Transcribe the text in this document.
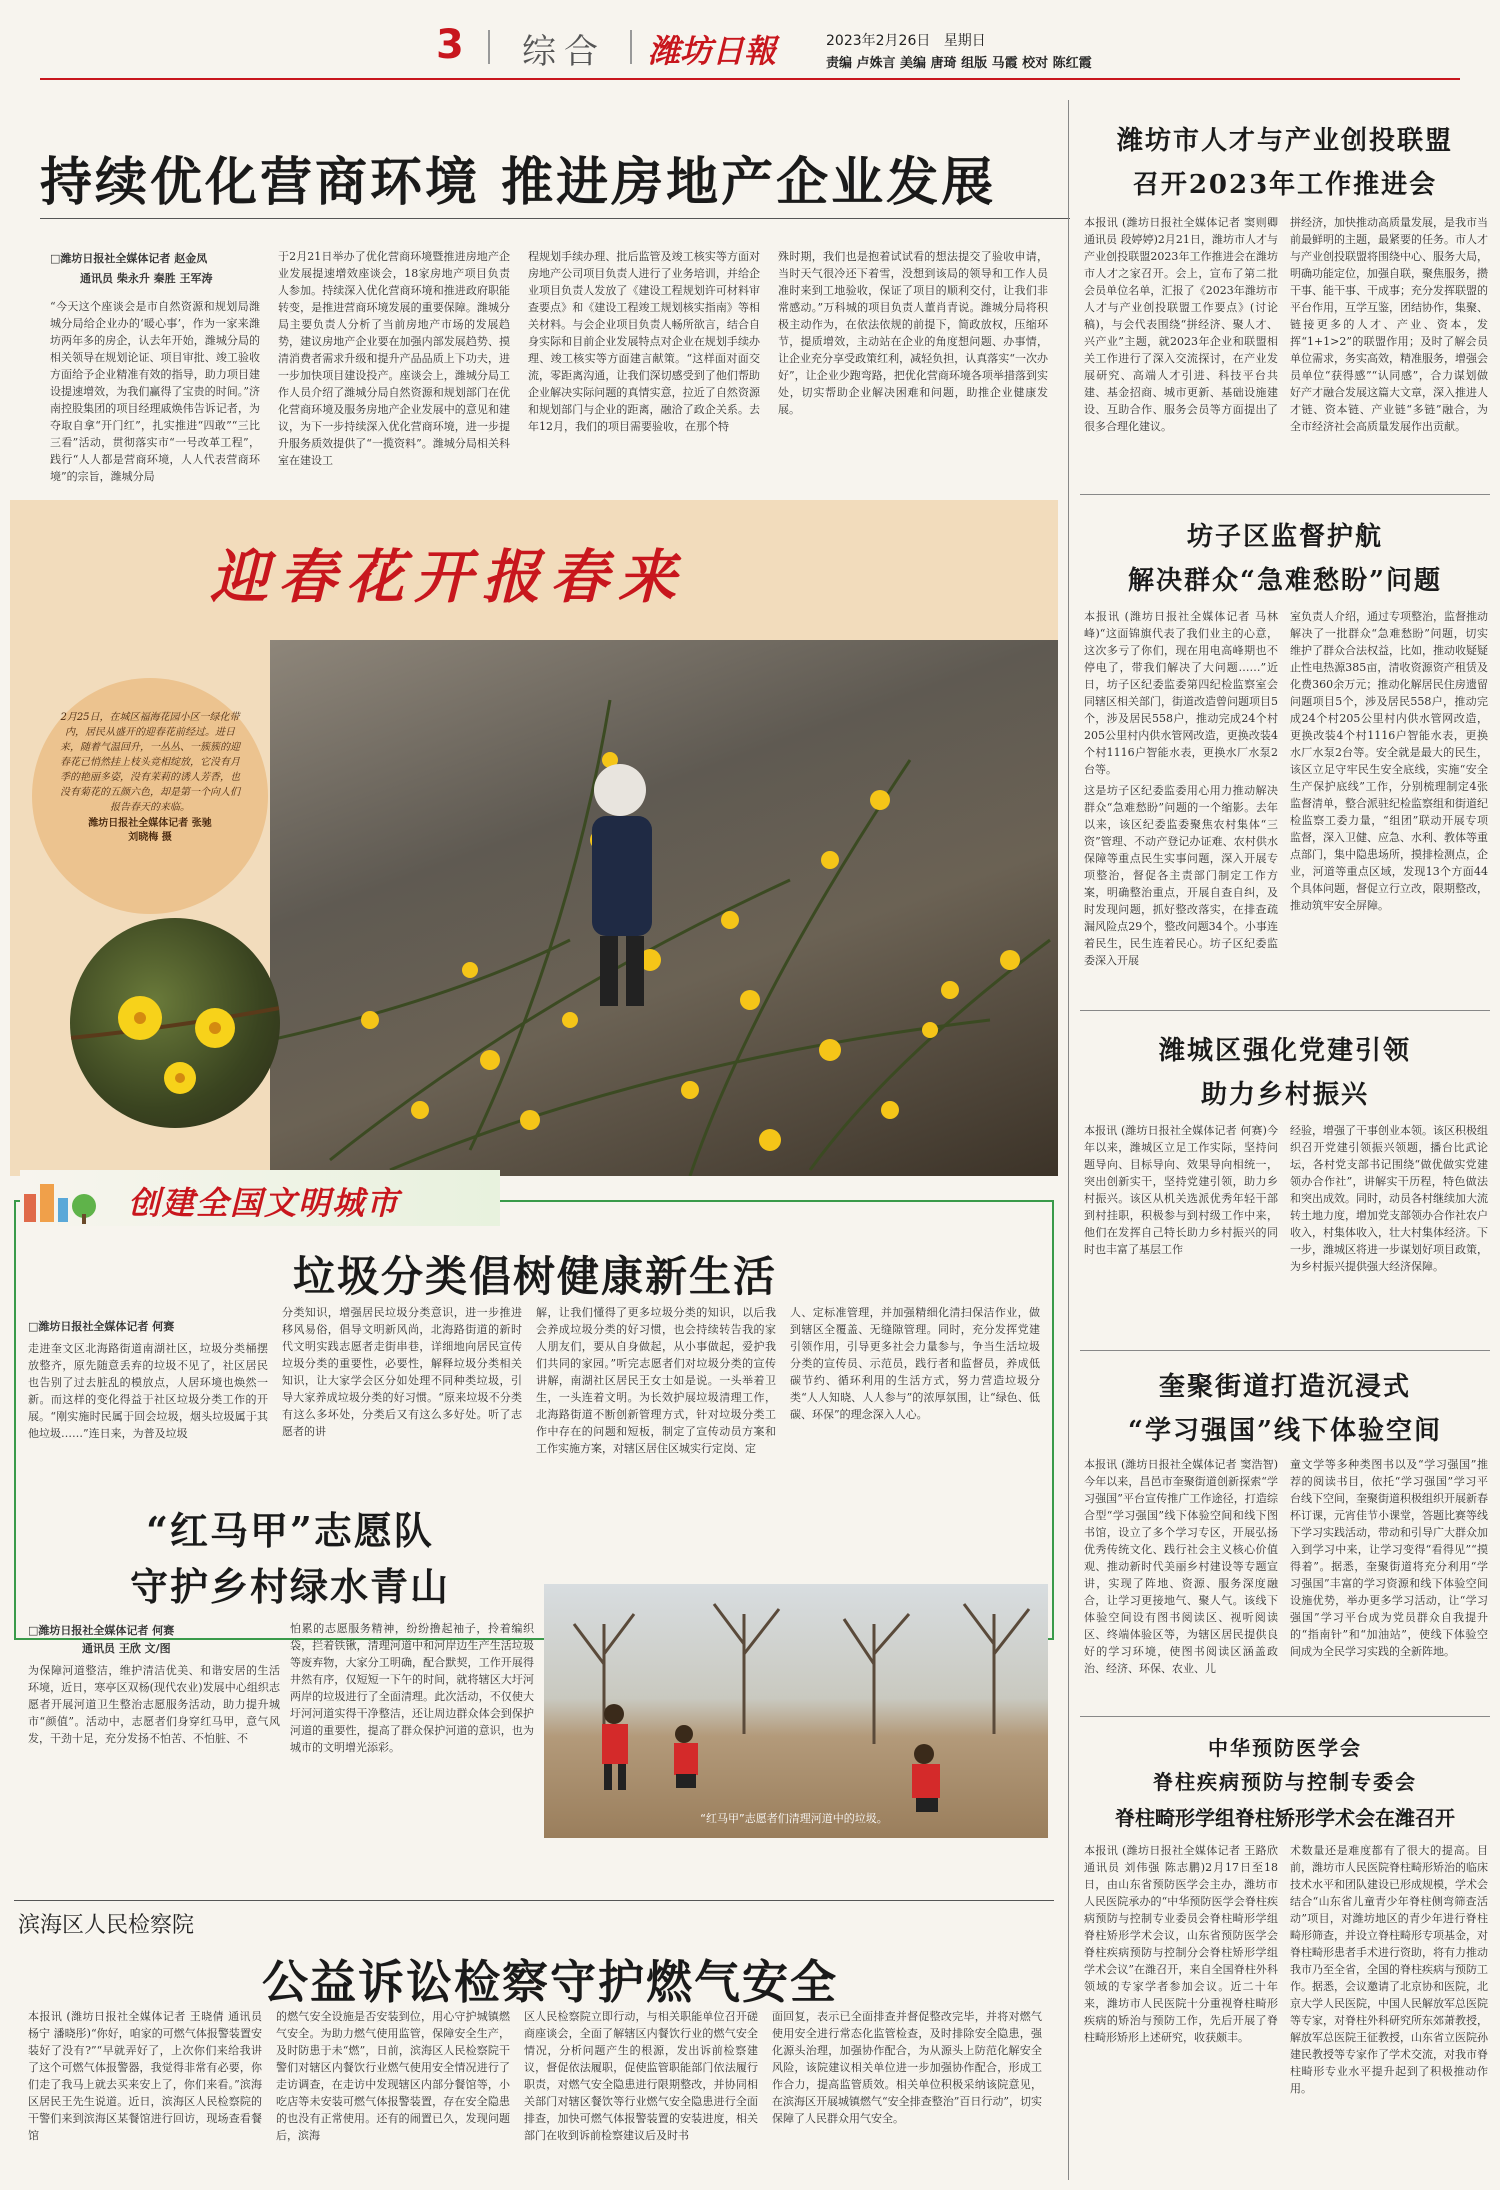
3 综合 潍坊日報	2023年2月26日 星期日
责编 卢姝言 美编 唐琦 组版 马霞 校对 陈红霞
持续优化营商环境 推进房地产企业发展
□潍坊日报社全媒体记者 赵金凤
通讯员 柴永升 秦胜 王军涛
“今天这个座谈会是市自然资源和规划局潍城分局给企业办的‘暖心事’，作为一家来潍坊两年多的房企，认去年开始，潍城分局的相关领导在规划论证、项目审批、竣工验收方面给予企业精准有效的指导，助力项目建设提速增效，为我们赢得了宝贵的时间。”济南控股集团的项目经理戚焕伟告诉记者，为夺取自拿“开门红”，扎实推进“四敢”“三比三看”活动，贯彻落实市“一号改革工程”，践行“人人都是营商环境，人人代表营商环境”的宗旨，潍城分局
于2月21日举办了优化营商环境暨推进房地产企业发展提速增效座谈会，18家房地产项目负责人参加。持续深入优化营商环境和推进政府职能转变，是推进营商环境发展的重要保障。潍城分局主要负责人分析了当前房地产市场的发展趋势，建议房地产企业要在加强内部发展趋势、摸清消费者需求升级和提升产品品质上下功夫，进一步加快项目建设投产。座谈会上，潍城分局工作人员介绍了潍城分局自然资源和规划部门在优化营商环境及服务房地产企业发展中的意见和建议，为下一步持续深入优化营商环境，进一步提升服务质效提供了“一揽资料”。潍城分局相关科室在建设工
程规划手续办理、批后监管及竣工核实等方面对房地产公司项目负责人进行了业务培训，并给企业项目负责人发放了《建设工程规划许可材料审查要点》和《建设工程竣工规划核实指南》等相关材料。与会企业项目负责人畅所欲言，结合自身实际和目前企业发展特点对企业在规划手续办理、竣工核实等方面建言献策。“这样面对面交流，零距离沟通，让我们深切感受到了他们帮助企业解决实际问题的真情实意，拉近了自然资源和规划部门与企业的距离，融洽了政企关系。去年12月，我们的项目需要验收，在那个特
殊时期，我们也是抱着试试看的想法提交了验收申请，当时天气很冷还下着雪，没想到该局的领导和工作人员准时来到工地验收，保证了项目的顺利交付，让我们非常感动。”万科城的项目负责人董肖青说。潍城分局将积极主动作为，在依法依规的前提下，简政放权，压缩环节，提质增效，主动站在企业的角度想问题、办事情，让企业充分享受政策红利，减轻负担，认真落实“一次办好”，让企业少跑弯路，把优化营商环境各项举措落到实处，切实帮助企业解决困难和问题，助推企业健康发展。
迎春花开报春来
2月25日，在城区福海花园小区一绿化带内，居民从盛开的迎春花前经过。进日来，随着气温回升，一丛丛、一簇簇的迎春花已悄然挂上枝头竞相绽放，它没有月季的艳丽多姿，没有茉莉的诱人芳香，也没有菊花的五颜六色，却是第一个向人们报告春天的来临。
潍坊日报社全媒体记者 张驰
刘晓梅 摄
创建全国文明城市
垃圾分类倡树健康新生活
□潍坊日报社全媒体记者 何赛
走进奎文区北海路街道南湖社区，垃圾分类桶摆放整齐，原先随意丢弃的垃圾不见了，社区居民也告别了过去脏乱的模放点，人居环境也焕然一新。而这样的变化得益于社区垃圾分类工作的开展。“刚实施时民属于回会垃圾，烟头垃圾属于其他垃圾……”连日来，为普及垃圾
分类知识，增强居民垃圾分类意识，进一步推进移风易俗，倡导文明新风尚，北海路街道的新时代文明实践志愿者走街串巷，详细地向居民宣传垃圾分类的重要性，必要性，解释垃圾分类相关知识，让大家学会区分如处理不同种类垃圾，引导大家养成垃圾分类的好习惯。“原来垃圾不分类有这么多坏处，分类后又有这么多好处。听了志愿者的讲
解，让我们懂得了更多垃圾分类的知识，以后我会养成垃圾分类的好习惯，也会持续转告我的家人朋友们，要从自身做起，从小事做起，爱护我们共同的家园。”听完志愿者们对垃圾分类的宣传讲解，南湖社区居民王女士如是说。一头举着卫生，一头连着文明。为长效护展垃圾清理工作，北海路街道不断创新管理方式，针对垃圾分类工作中存在的问题和短板，制定了宣传动员方案和工作实施方案，对辖区居住区城实行定岗、定
人、定标准管理，并加强精细化清扫保洁作业，做到辖区全覆盖、无缝隙管理。同时，充分发挥党建引领作用，引导更多社会力量参与，争当生活垃圾分类的宣传员、示范员，践行者和监督员，养成低碳节约、循环利用的生活方式，努力营造垃圾分类“人人知晓、人人参与”的浓厚氛围，让“绿色、低碳、环保”的理念深入人心。
“红马甲”志愿队
守护乡村绿水青山
□潍坊日报社全媒体记者 何赛
通讯员 王欣 文/图
为保障河道整洁，维护清洁优美、和谐安居的生活环境，近日，寒亭区双杨(现代农业)发展中心组织志愿者开展河道卫生整治志愿服务活动，助力提升城市“颜值”。活动中，志愿者们身穿红马甲，意气风发，干劲十足，充分发扬不怕苦、不怕脏、不
怕累的志愿服务精神，纷纷撸起袖子，拎着编织袋，拦着铁锹，清理河道中和河岸边生产生活垃圾等废弃物，大家分工明确，配合默契，工作开展得井然有序，仅短短一下午的时间，就将辖区大圩河两岸的垃圾进行了全面清理。此次活动，不仅使大圩河河道实得干净整洁，还让周边群众体会到保护河道的重要性，提高了群众保护河道的意识，也为城市的文明增光添彩。
“红马甲”志愿者们清理河道中的垃圾。
滨海区人民检察院
公益诉讼检察守护燃气安全
本报讯 (潍坊日报社全媒体记者 王晓倩 通讯员 杨宁 潘晓彤)“你好，咱家的可燃气体报警装置安装好了没有?”“早就弄好了，上次你们来给我讲了这个可燃气体报警器，我觉得非常有必要，你们走了我马上就去买来安上了，你们来看。”滨海区居民王先生说道。近日，滨海区人民检察院的干警们来到滨海区某餐馆进行回访，现场查看餐馆
的燃气安全设施是否安装到位，用心守护城镇燃气安全。为助力燃气使用监管，保障安全生产，及时防患于未“燃”，日前，滨海区人民检察院干警们对辖区内餐饮行业燃气使用安全情况进行了走访调查，在走访中发现辖区内部分餐馆等，小吃店等未安装可燃气体报警装置，存在安全隐患的也没有正常使用。还有的闹置已久，发现问题后，滨海
区人民检察院立即行动，与相关职能单位召开磋商座谈会，全面了解辖区内餐饮行业的燃气安全情况，分析问题产生的根源，发出诉前检察建议，督促依法履职，促使监管职能部门依法履行职责，对燃气安全隐患进行限期整改，并协同相关部门对辖区餐饮等行业燃气安全隐患进行全面排查，加快可燃气体报警装置的安装进度，相关部门在收到诉前检察建议后及时书
面回复，表示已全面排查并督促整改完毕，并将对燃气使用安全进行常态化监管检查，及时排除安全隐患，强化源头治理，加强协作配合，为从源头上防范化解安全风险，该院建议相关单位进一步加强协作配合，形成工作合力，提高监管质效。相关单位积极采纳该院意见，在滨海区开展城镇燃气“安全排查整治”百日行动”，切实保障了人民群众用气安全。
潍坊市人才与产业创投联盟
召开2023年工作推进会
本报讯 (潍坊日报社全媒体记者 窦则卿 通讯员 段婷婷)2月21日，潍坊市人才与产业创投联盟2023年工作推进会在潍坊市人才之家召开。会上，宣布了第二批会员单位名单，汇报了《2023年潍坊市人才与产业创投联盟工作要点》(讨论稿)，与会代表围绕“拼经济、聚人才、兴产业”主题，就2023年企业和联盟相关工作进行了深入交流探讨，在产业发展研究、高端人才引进、科技平台共建、基金招商、城市更新、基础设施建设、互助合作、服务会员等方面提出了很多合理化建议。
拼经济，加快推动高质量发展，是我市当前最鲜明的主题，最紧要的任务。市人才与产业创投联盟将围绕中心、服务大局，明确功能定位，加强自联，聚焦服务，攒干事、能干事、干成事；充分发挥联盟的平台作用，互学互鉴，团结协作，集聚、链接更多的人才、产业、资本，发挥“1+1>2”的联盟作用；及时了解会员单位需求，务实高效，精准服务，增强会员单位“获得感”“认同感”，合力谋划做好产才融合发展这篇大文章，深入推进人才链、资本链、产业链“多链”融合，为全市经济社会高质量发展作出贡献。
坊子区监督护航
解决群众“急难愁盼”问题
本报讯 (潍坊日报社全媒体记者 马林峰)“这面锦旗代表了我们业主的心意，这次多亏了你们，现在用电高峰期也不停电了，带我们解决了大问题……”近日，坊子区纪委监委第四纪检监察室会同辖区相关部门，街道改造曾问题项目5个，涉及居民558户，推动完成24个村205公里村内供水管网改造，更换改装4个村1116户智能水表，更换水厂水泵2台等。
这是坊子区纪委监委用心用力推动解决群众“急难愁盼”问题的一个缩影。去年以来，该区纪委监委聚焦农村集体“三资”管理、不动产登记办证难、农村供水保障等重点民生实事问题，深入开展专项整治，督促各主责部门制定工作方案，明确整治重点，开展自查自纠，及时发现问题，抓好整改落实，在排查疏漏风险点29个，整改问题34个。小事连着民生，民生连着民心。坊子区纪委监委深入开展
室负责人介绍，通过专项整治，监督推动解决了一批群众“急难愁盼”问题，切实维护了群众合法权益，比如，推动收疑疑止性电热源385亩，清收资源资产租赁及化费360余万元；推动化解居民住房遗留问题项目5个，涉及居民558户，推动完成24个村205公里村内供水管网改造，更换改装4个村1116户智能水表，更换水厂水泵2台等。安全就是最大的民生，该区立足守牢民生安全底线，实施“安全生产保护底线”工作，分别梳理制定4张监督清单，整合派驻纪检监察组和街道纪检监察工委力量，“组团”联动开展专项监督，深入卫健、应急、水利、教体等重点部门，集中隐患场所，摸排检测点，企业，河道等重点区域，发现13个方面44个具体问题，督促立行立改，限期整改，推动筑牢安全屏障。
潍城区强化党建引领
助力乡村振兴
本报讯 (潍坊日报社全媒体记者 何赛)今年以来，潍城区立足工作实际，坚持问题导向、目标导向、效果导向相统一，突出创新实干，坚持党建引领，助力乡村振兴。该区从机关选派优秀年轻干部到村挂职，积极参与到村级工作中来，他们在发挥自己特长助力乡村振兴的同时也丰富了基层工作
经验，增强了干事创业本领。该区积极组织召开党建引领振兴领题，播台比武论坛，各村党支部书记围绕“做优做实党建领办合作社”，讲解实干历程，特色做法和突出成效。同时，动员各村继续加大流转土地力度，增加党支部领办合作社农户收入，村集体收入，壮大村集体经济。下一步，潍城区将进一步谋划好项目政策，为乡村振兴提供强大经济保障。
奎聚街道打造沉浸式
“学习强国”线下体验空间
本报讯 (潍坊日报社全媒体记者 窦浩智)今年以来，昌邑市奎聚街道创新探索“学习强国”平台宣传推广工作途径，打造综合型“学习强国”线下体验空间和线下图书馆，设立了多个学习专区，开展弘扬优秀传统文化、践行社会主义核心价值观、推动新时代美丽乡村建设等专题宣讲，实现了阵地、资源、服务深度融合，让学习更接地气、聚人气。该线下体验空间设有图书阅读区、视听阅读区、终端体验区等，为辖区居民提供良好的学习环境，使图书阅读区涵盖政治、经济、环保、农业、儿
童文学等多种类图书以及“学习强国”推荐的阅读书目，依托“学习强国”学习平台线下空间，奎聚街道积极组织开展新春杯订课，元宵佳节小课堂，答题比赛等线下学习实践活动，带动和引导广大群众加入到学习中来，让学习变得“看得见”“摸得着”。据悉，奎聚街道将充分利用“学习强国”丰富的学习资源和线下体验空间设施优势，举办更多学习活动，让“学习强国”学习平台成为党员群众自我提升的“指南针”和“加油站”，使线下体验空间成为全民学习实践的全新阵地。
中华预防医学会
脊柱疾病预防与控制专委会
脊柱畸形学组脊柱矫形学术会在潍召开
本报讯 (潍坊日报社全媒体记者 王路欣 通讯员 刘伟强 陈志鹏)2月17日至18日，由山东省预防医学会主办，潍坊市人民医院承办的“中华预防医学会脊柱疾病预防与控制专业委员会脊柱畸形学组脊柱矫形学术会议，山东省预防医学会脊柱疾病预防与控制分会脊柱矫形学组学术会议”在潍召开，来自全国脊柱外科领域的专家学者参加会议。近二十年来，潍坊市人民医院十分重视脊柱畸形疾病的矫治与预防工作，先后开展了脊柱畸形矫形上述研究，收获颇丰。
术数量还是难度都有了很大的提高。目前，潍坊市人民医院脊柱畸形矫治的临床技术水平和团队建设已形成规模，学术会结合“山东省儿童青少年脊柱侧弯筛查活动”项目，对潍坊地区的青少年进行脊柱畸形筛查，并设立脊柱畸形专项基金，对脊柱畸形患者手术进行资助，将有力推动我市乃至全省，全国的脊柱疾病与预防工作。据悉，会议邀请了北京协和医院，北京大学人民医院，中国人民解放军总医院等专家，对脊柱外科研究所东郊萧教授，解放军总医院王征教授，山东省立医院孙建民教授等专家作了学术交流，对我市脊柱畸形专业水平提升起到了积极推动作用。
